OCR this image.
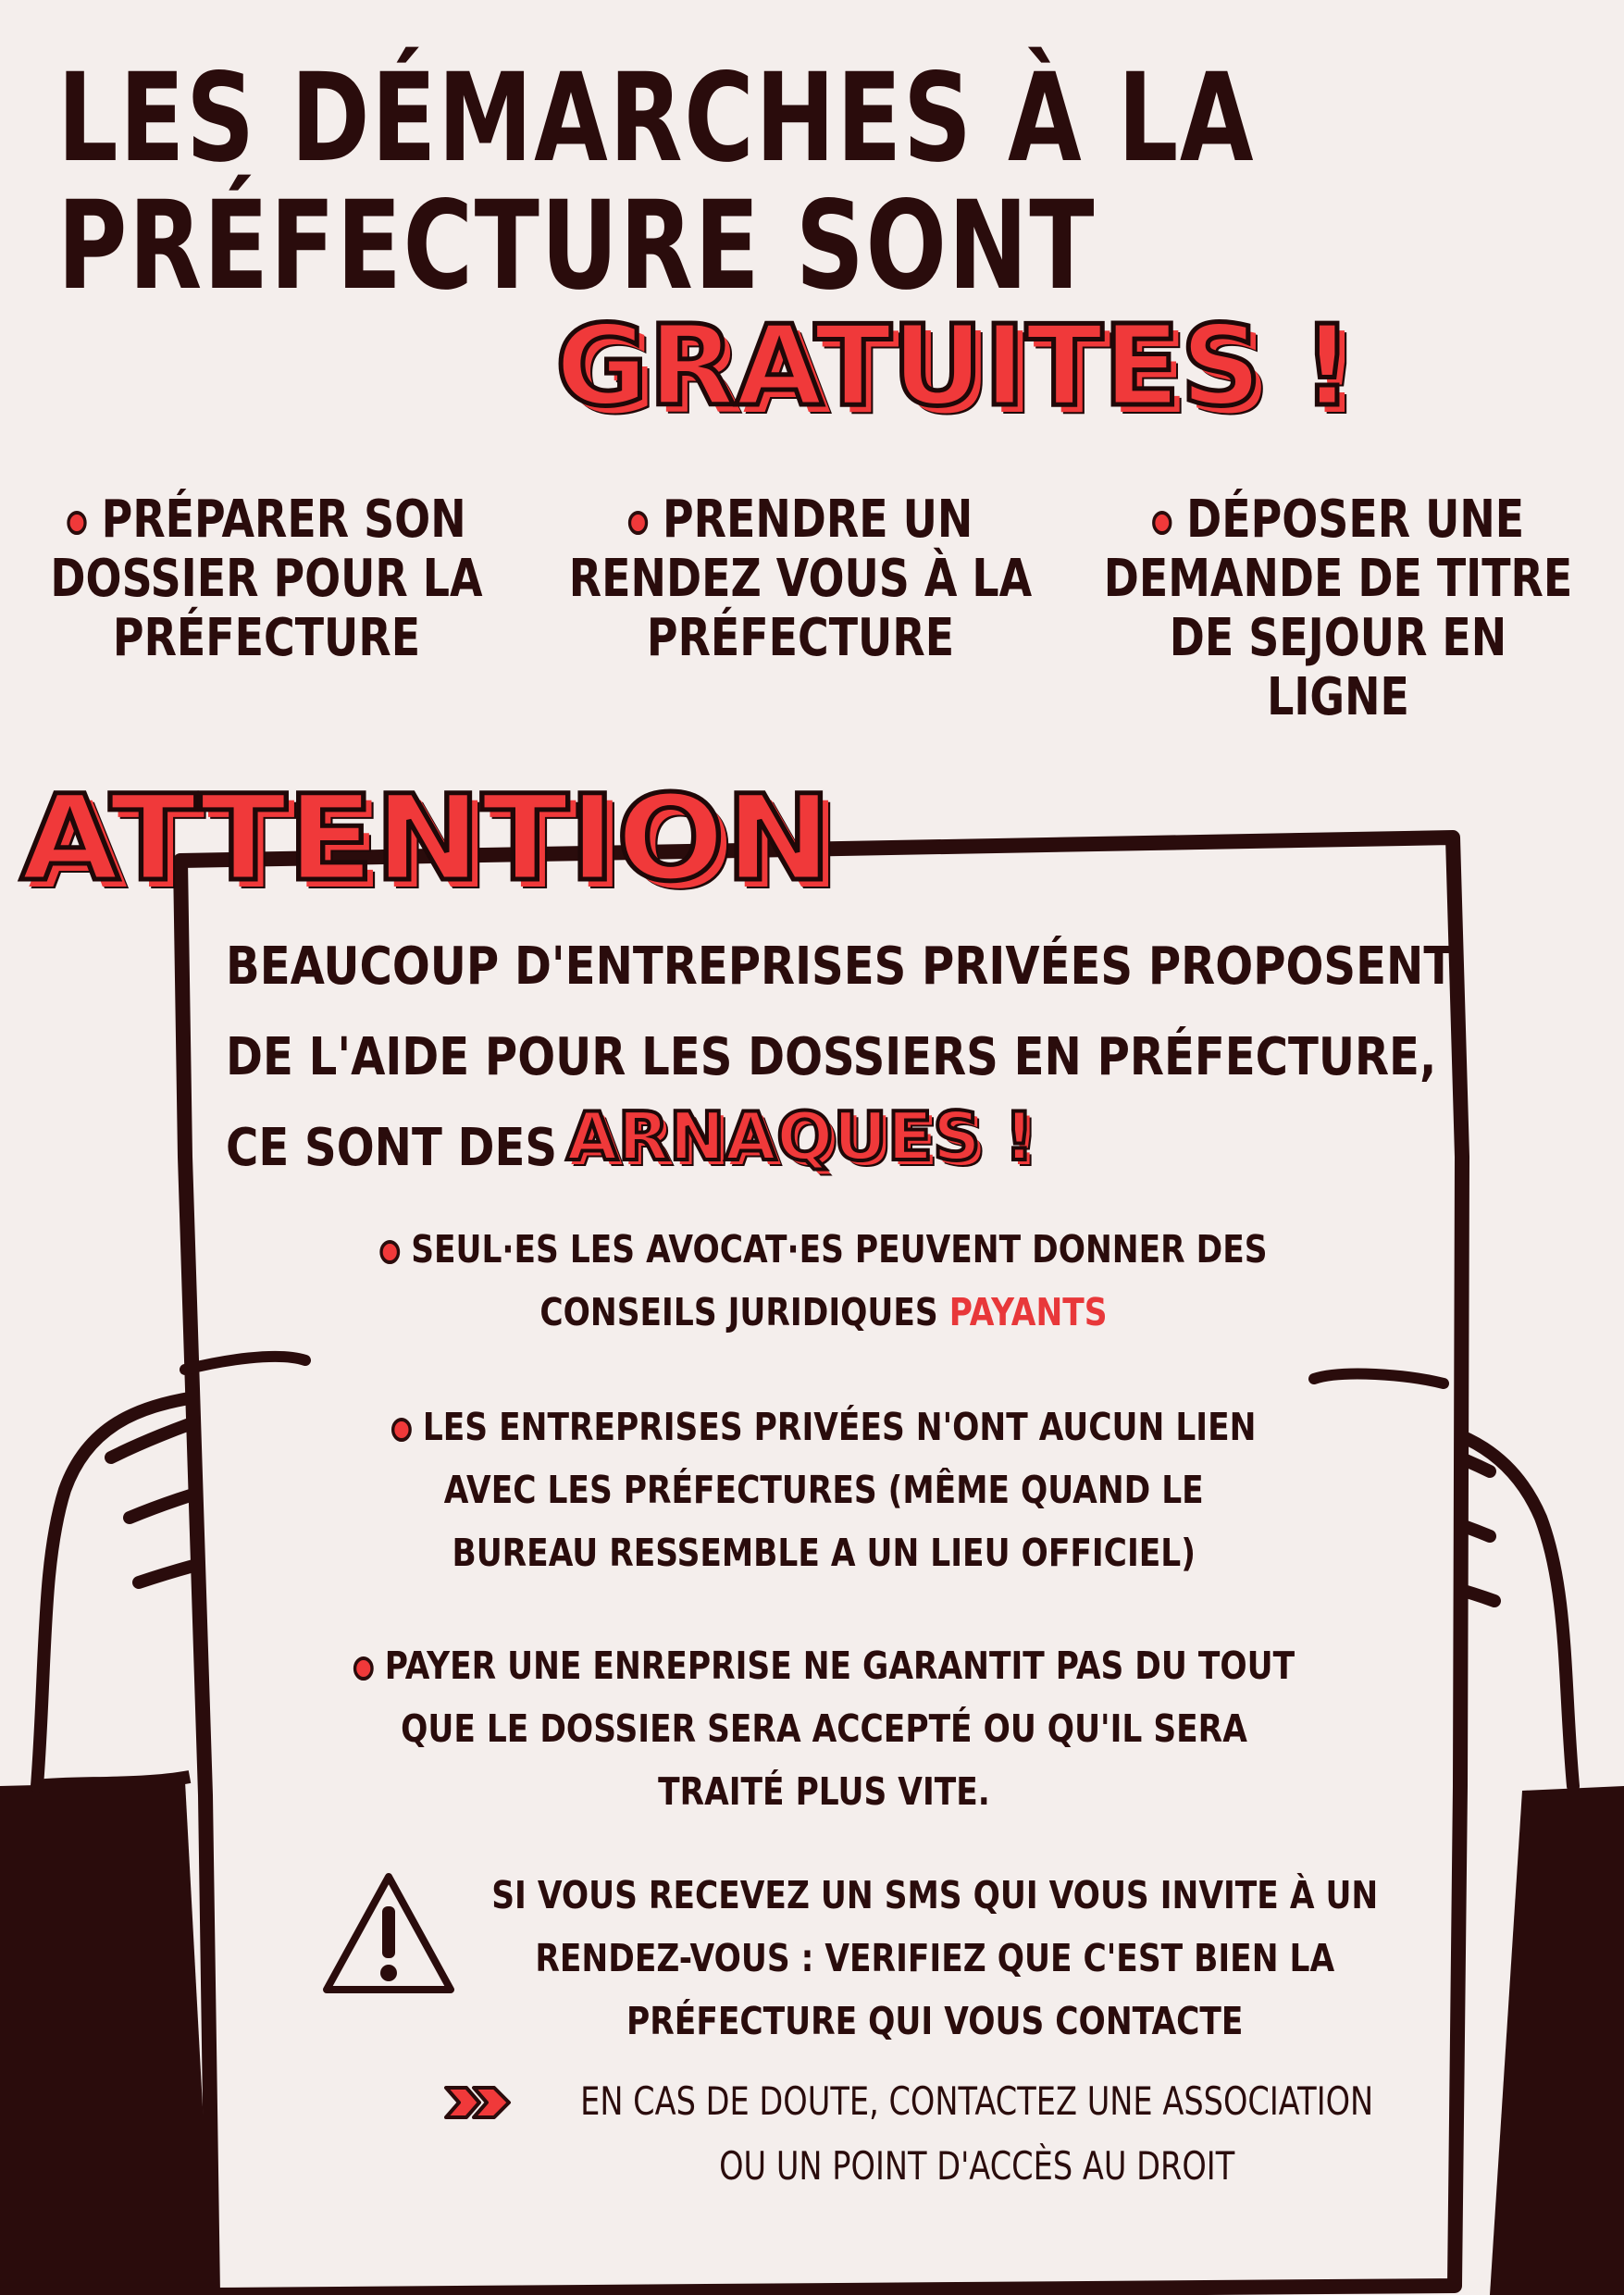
LES DÉMARCHES À LA
PRÉFECTURE SONT
GRATUITES !
PRÉPARER SON
DOSSIER POUR LA
PRÉFECTURE
PRENDRE UN
RENDEZ VOUS À LA
PRÉFECTURE
DÉPOSER UNE
DEMANDE DE TITRE
DE SEJOUR EN LIGNE
ATTENTION
BEAUCOUP D'ENTREPRISES PRIVÉES PROPOSENT
DE L'AIDE POUR LES DOSSIERS EN PRÉFECTURE,
CE SONT DES ARNAQUES !
SEUL·ES LES AVOCAT·ES PEUVENT DONNER DES
CONSEILS JURIDIQUES PAYANTS
LES ENTREPRISES PRIVÉES N'ONT AUCUN LIEN
AVEC LES PRÉFECTURES (MÊME QUAND LE
BUREAU RESSEMBLE A UN LIEU OFFICIEL)
PAYER UNE ENREPRISE NE GARANTIT PAS DU TOUT
QUE LE DOSSIER SERA ACCEPTÉ OU QU'IL SERA
TRAITÉ PLUS VITE.
SI VOUS RECEVEZ UN SMS QUI VOUS INVITE À UN
RENDEZ-VOUS : VERIFIEZ QUE C'EST BIEN LA
PRÉFECTURE QUI VOUS CONTACTE
EN CAS DE DOUTE, CONTACTEZ UNE ASSOCIATION
OU UN POINT D'ACCÈS AU DROIT
